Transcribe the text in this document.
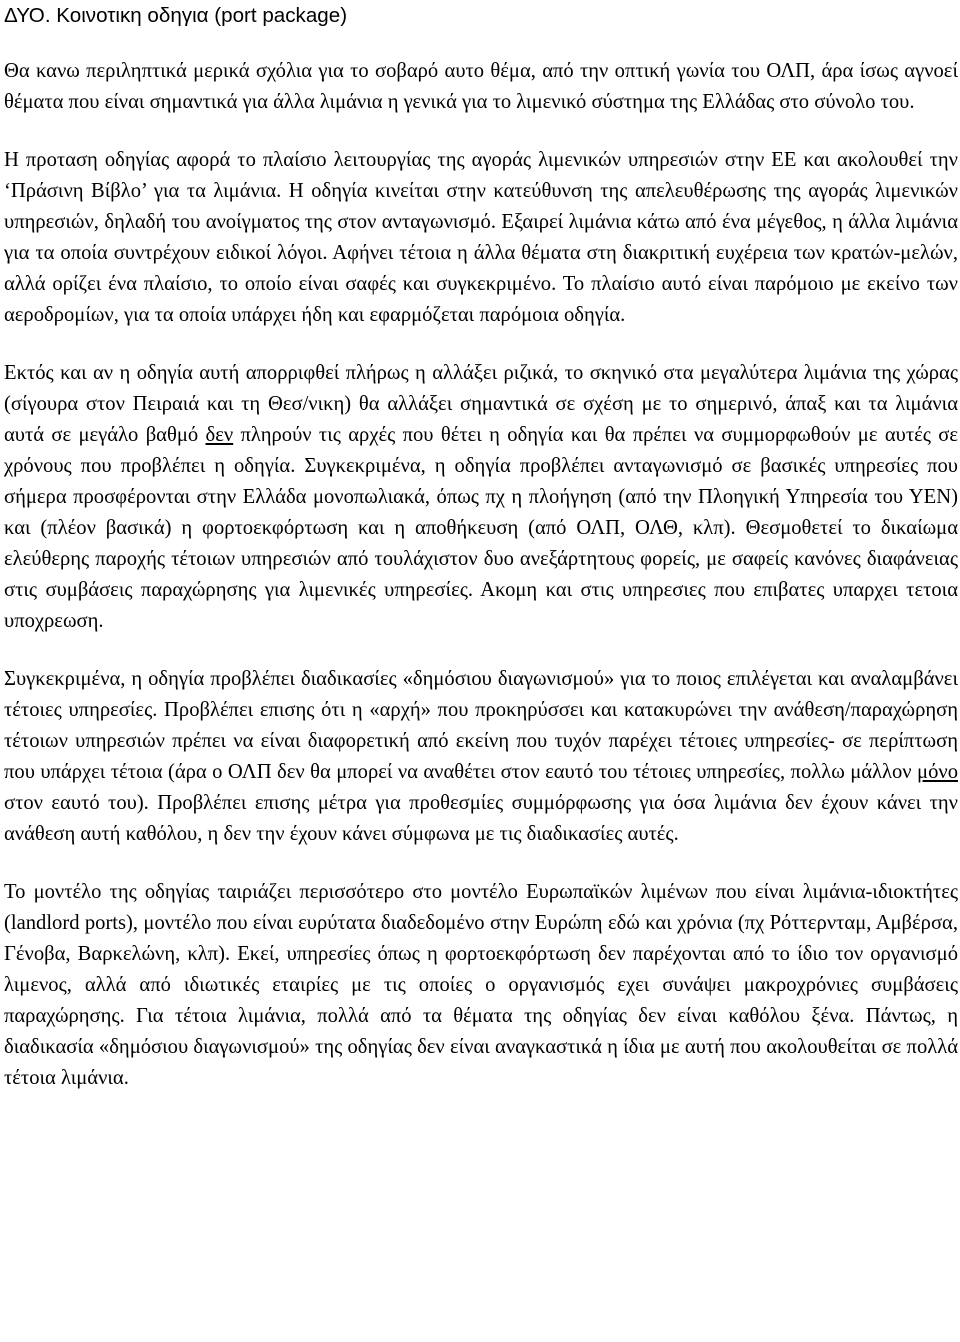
ΔΥΟ. Κοινοτικη οδηγια (port package)

Θα κανω περιληπτικά μερικά σχόλια για το σοβαρό αυτο θέμα, από την οπτική γωνία του ΟΛΠ, άρα ίσως αγνοεί θέματα που είναι σημαντικά για άλλα λιμάνια η γενικά για το λιμενικό σύστημα της Ελλάδας στο σύνολο του.

Η προταση οδηγίας αφορά το πλαίσιο λειτουργίας της αγοράς λιμενικών υπηρεσιών στην ΕΕ και ακολουθεί την ‘Πράσινη Βίβλο’ για τα λιμάνια. Η οδηγία κινείται στην κατεύθυνση της απελευθέρωσης της αγοράς λιμενικών υπηρεσιών, δηλαδή του ανοίγματος της στον ανταγωνισμό. Εξαιρεί λιμάνια κάτω από ένα μέγεθος, η άλλα λιμάνια για τα οποία συντρέχουν ειδικοί λόγοι. Αφήνει τέτοια η άλλα θέματα στη διακριτική ευχέρεια των κρατών-μελών, αλλά ορίζει ένα πλαίσιο, το οποίο είναι σαφές και συγκεκριμένο. Το πλαίσιο αυτό είναι παρόμοιο με εκείνο των αεροδρομίων, για τα οποία υπάρχει ήδη και εφαρμόζεται παρόμοια οδηγία.

Εκτός και αν η οδηγία αυτή απορριφθεί πλήρως η αλλάξει ριζικά, το σκηνικό στα μεγαλύτερα λιμάνια της χώρας (σίγουρα στον Πειραιά και τη Θεσ/νικη) θα αλλάξει σημαντικά σε σχέση με το σημερινό, άπαξ και τα λιμάνια αυτά σε μεγάλο βαθμό δεν πληρούν τις αρχές που θέτει η οδηγία και θα πρέπει να συμμορφωθούν με αυτές σε χρόνους που προβλέπει η οδηγία. Συγκεκριμένα, η οδηγία προβλέπει ανταγωνισμό σε βασικές υπηρεσίες που σήμερα προσφέρονται στην Ελλάδα μονοπωλιακά, όπως πχ η πλοήγηση (από την Πλοηγική Υπηρεσία του ΥΕΝ) και (πλέον βασικά) η φορτοεκφόρτωση και η αποθήκευση (από ΟΛΠ, ΟΛΘ, κλπ). Θεσμοθετεί το δικαίωμα ελεύθερης παροχής τέτοιων υπηρεσιών από τουλάχιστον δυο ανεξάρτητους φορείς, με σαφείς κανόνες διαφάνειας στις συμβάσεις παραχώρησης για λιμενικές υπηρεσίες. Ακομη και στις υπηρεσιες που επιβατες υπαρχει τετοια υποχρεωση.

Συγκεκριμένα, η οδηγία προβλέπει διαδικασίες «δημόσιου διαγωνισμού» για το ποιος επιλέγεται και αναλαμβάνει τέτοιες υπηρεσίες. Προβλέπει επισης ότι η «αρχή» που προκηρύσσει και κατακυρώνει την ανάθεση/παραχώρηση τέτοιων υπηρεσιών πρέπει να είναι διαφορετική από εκείνη που τυχόν παρέχει τέτοιες υπηρεσίες- σε περίπτωση που υπάρχει τέτοια (άρα ο ΟΛΠ δεν θα μπορεί να αναθέτει στον εαυτό του τέτοιες υπηρεσίες, πολλω μάλλον μόνο στον εαυτό του). Προβλέπει επισης μέτρα για προθεσμίες συμμόρφωσης για όσα λιμάνια δεν έχουν κάνει την ανάθεση αυτή καθόλου, η δεν την έχουν κάνει σύμφωνα με τις διαδικασίες αυτές.

Το μοντέλο της οδηγίας ταιριάζει περισσότερο στο μοντέλο Ευρωπαϊκών λιμένων που είναι λιμάνια-ιδιοκτήτες (landlord ports), μοντέλο που είναι ευρύτατα διαδεδομένο στην Ευρώπη εδώ και χρόνια (πχ Ρόττερνταμ, Αμβέρσα, Γένοβα, Βαρκελώνη, κλπ). Εκεί, υπηρεσίες όπως η φορτοεκφόρτωση δεν παρέχονται από το ίδιο τον οργανισμό λιμενος, αλλά από ιδιωτικές εταιρίες με τις οποίες ο οργανισμός εχει συνάψει μακροχρόνιες συμβάσεις παραχώρησης. Για τέτοια λιμάνια, πολλά από τα θέματα της οδηγίας δεν είναι καθόλου ξένα. Πάντως, η διαδικασία «δημόσιου διαγωνισμού» της οδηγίας δεν είναι αναγκαστικά η ίδια με αυτή που ακολουθείται σε πολλά τέτοια λιμάνια.
